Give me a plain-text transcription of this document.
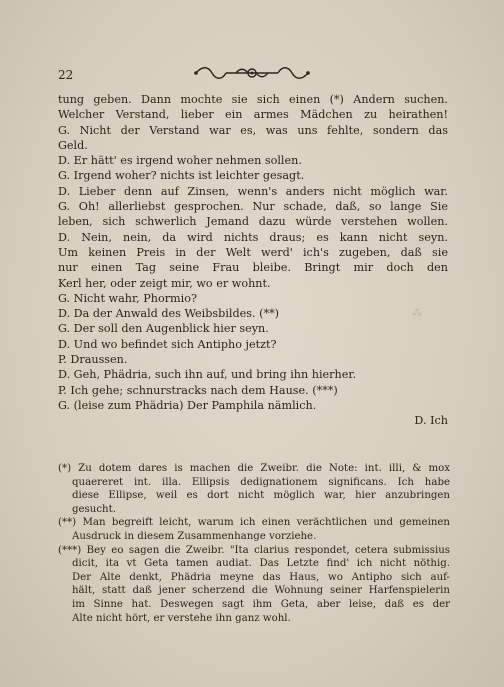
22
tung geben. Dann mochte sie sich einen (*) Andern suchen.
Welcher Verstand, lieber ein armes Mädchen zu heirathen!
G. Nicht der Verstand war es, was uns fehlte, sondern das
Geld.
D. Er hätt' es irgend woher nehmen sollen.
G. Irgend woher? nichts ist leichter gesagt.
D. Lieber denn auf Zinsen, wenn's anders nicht möglich war.
G. Oh! allerliebst gesprochen. Nur schade, daß, so lange Sie
leben, sich schwerlich Jemand dazu würde verstehen wollen.
D. Nein, nein, da wird nichts draus; es kann nicht seyn.
Um keinen Preis in der Welt werd' ich's zugeben, daß sie
nur einen Tag seine Frau bleibe. Bringt mir doch den
Kerl her, oder zeigt mir, wo er wohnt.
G. Nicht wahr, Phormio?
D. Da der Anwald des Weibsbildes. (**)
G. Der soll den Augenblick hier seyn.
D. Und wo befindet sich Antipho jetzt?
P. Draussen.
D. Geh, Phädria, such ihn auf, und bring ihn hierher.
P. Ich gehe; schnurstracks nach dem Hause. (***)
G. (leise zum Phädria) Der Pamphila nämlich.
D. Ich
(*) Zu dotem dares is machen die Zweibr. die Note: int. illi, & mox
quaereret int. illa. Ellipsis dedignationem significans. Ich habe
diese Ellipse, weil es dort nicht möglich war, hier anzubringen
gesucht.
(**) Man begreift leicht, warum ich einen verächtlichen und gemeinen
Ausdruck in diesem Zusammenhange vorziehe.
(***) Bey eo sagen die Zweibr. "Ita clarius respondet, cetera submissius
dicit, ita vt Geta tamen audiat. Das Letzte find' ich nicht nöthig.
Der Alte denkt, Phädria meyne das Haus, wo Antipho sich auf-
hält, statt daß jener scherzend die Wohnung seiner Harfenspielerin
im Sinne hat. Deswegen sagt ihm Geta, aber leise, daß es der
Alte nicht hört, er verstehe ihn ganz wohl.
⁂
